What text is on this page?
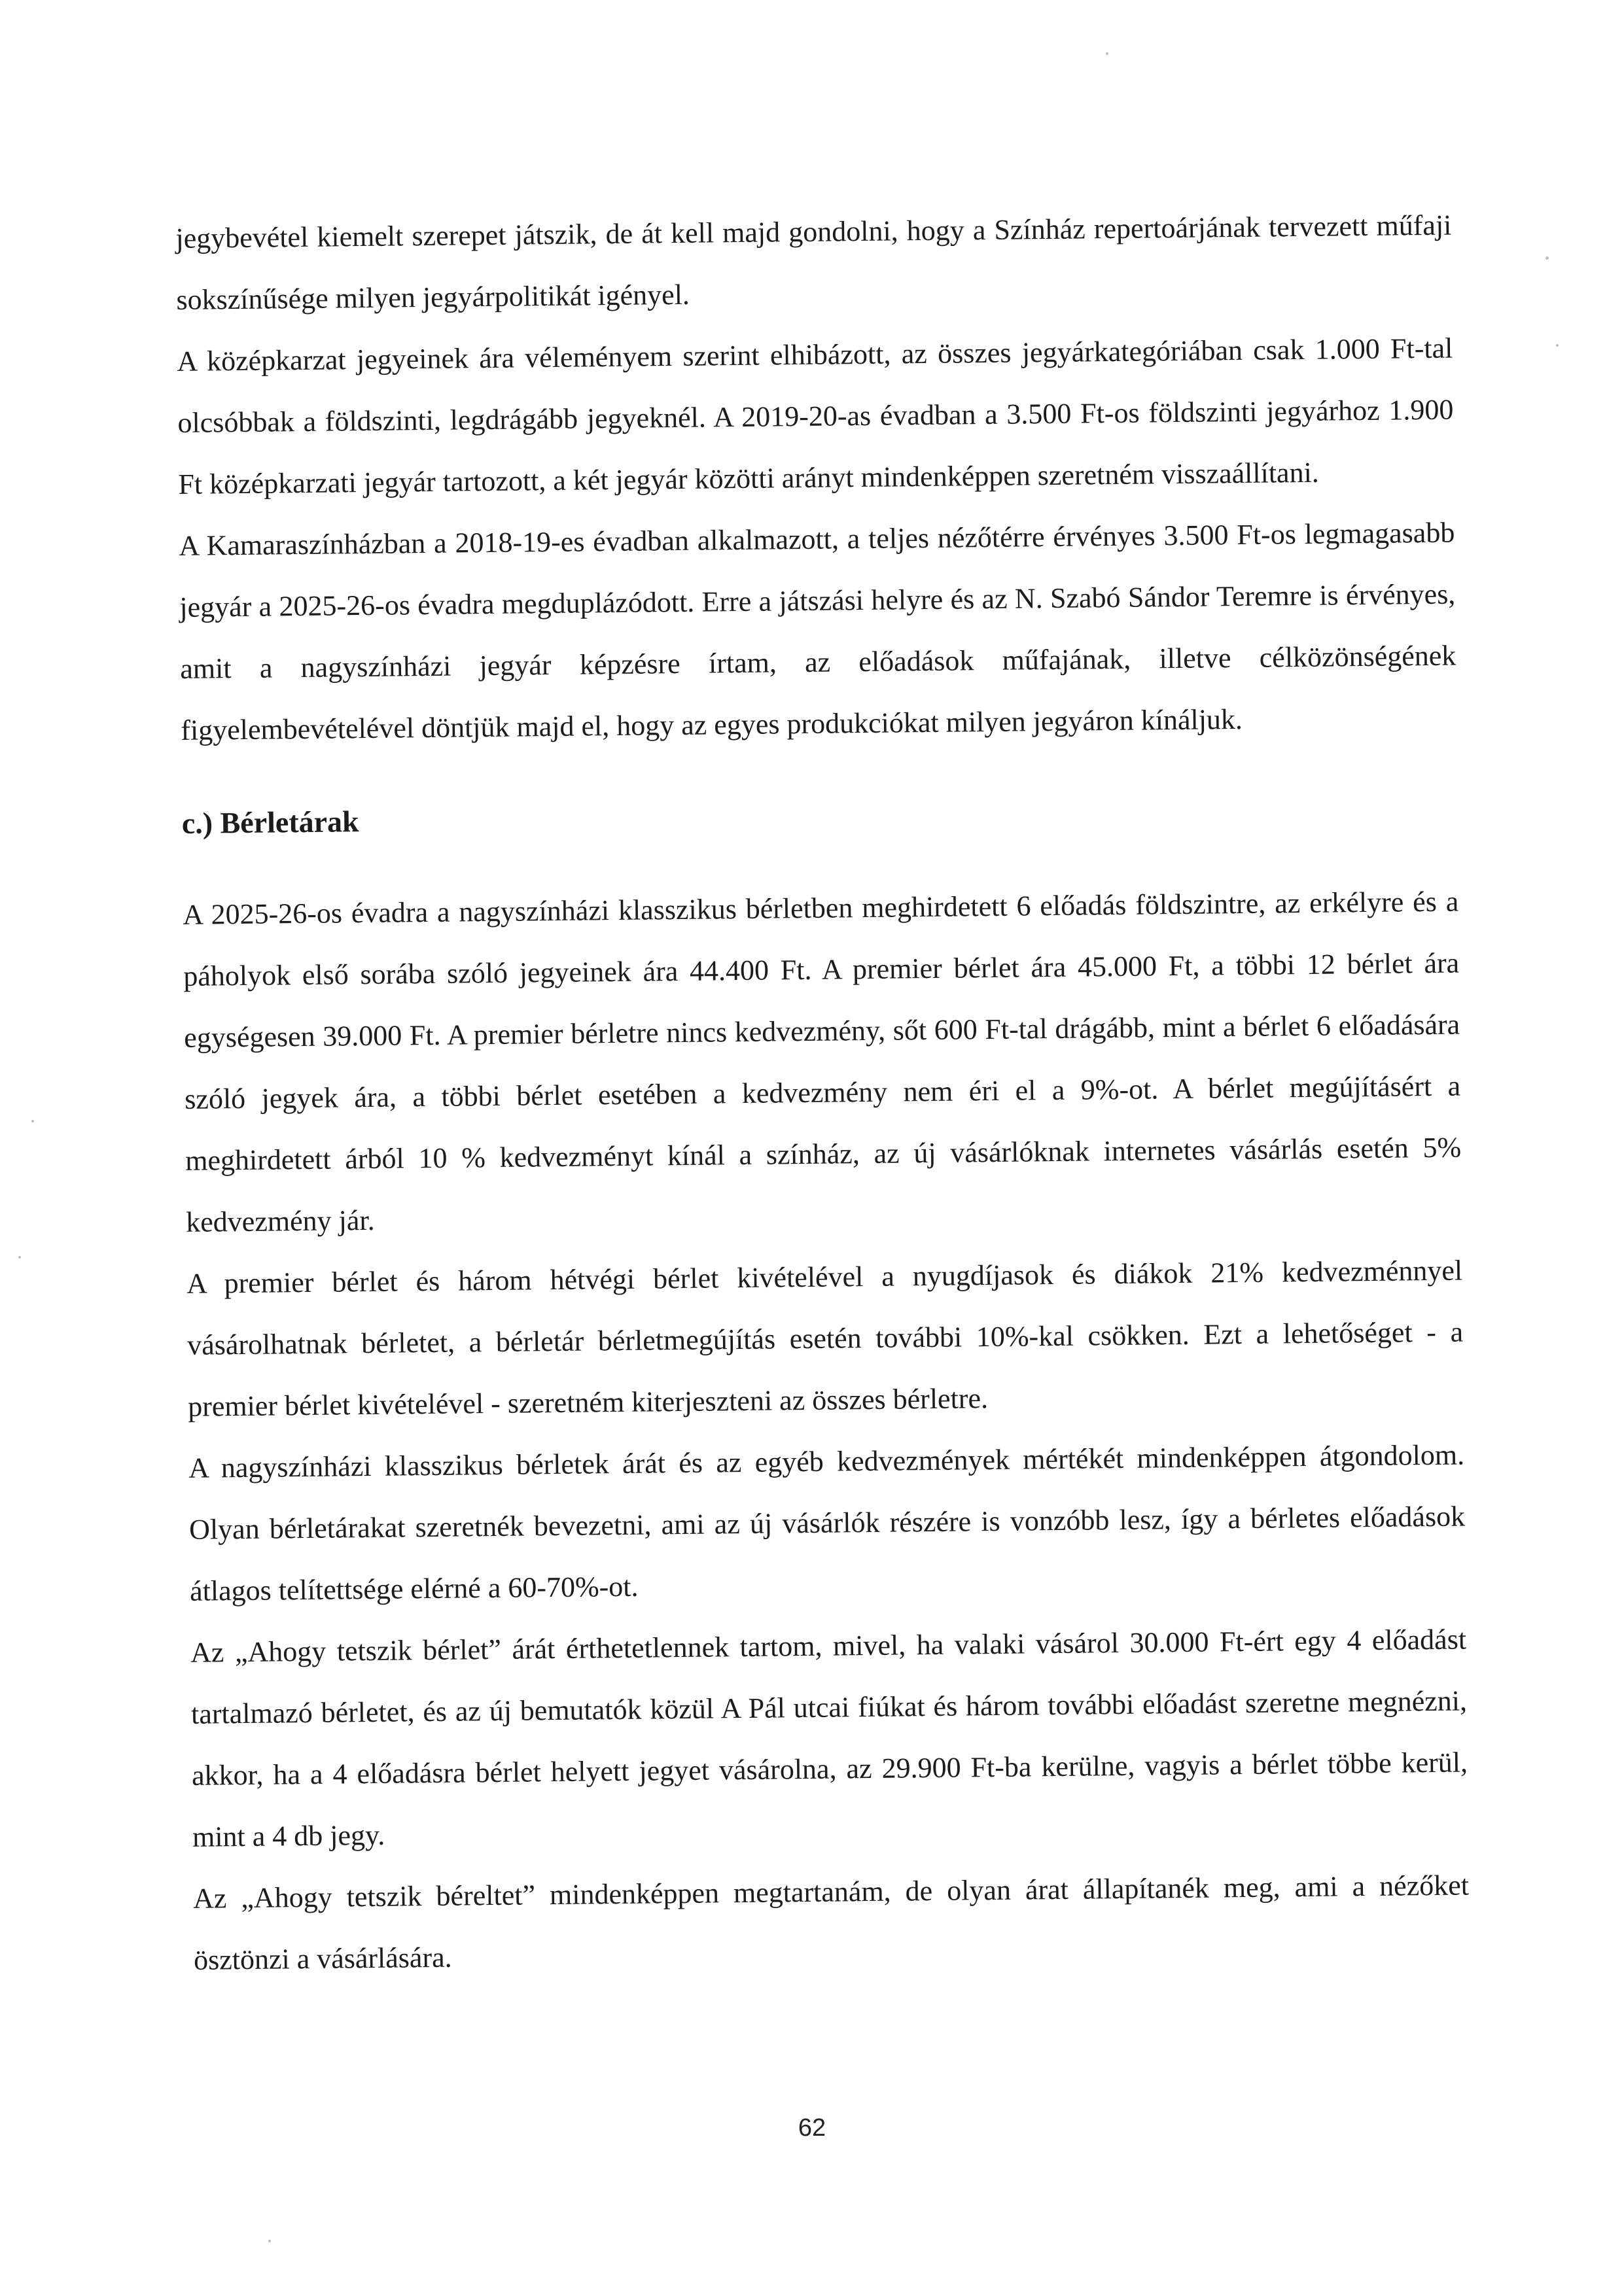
jegybevétel kiemelt szerepet játszik, de át kell majd gondolni, hogy a Színház repertoárjának tervezett műfaji sokszínűsége milyen jegyárpolitikát igényel.

A középkarzat jegyeinek ára véleményem szerint elhibázott, az összes jegyárkategóriában csak 1.000 Ft-tal olcsóbbak a földszinti, legdrágább jegyeknél. A 2019-20-as évadban a 3.500 Ft-os földszinti jegyárhoz 1.900 Ft középkarzati jegyár tartozott, a két jegyár közötti arányt mindenképpen szeretném visszaállítani.

A Kamaraszínházban a 2018-19-es évadban alkalmazott, a teljes nézőtérre érvényes 3.500 Ft-os legmagasabb jegyár a 2025-26-os évadra megduplázódott. Erre a játszási helyre és az N. Szabó Sándor Teremre is érvényes, amit a nagyszínházi jegyár képzésre írtam, az előadások műfajának, illetve célközönségének figyelembevételével döntjük majd el, hogy az egyes produkciókat milyen jegyáron kínáljuk.

c.) Bérletárak

A 2025-26-os évadra a nagyszínházi klasszikus bérletben meghirdetett 6 előadás földszintre, az erkélyre és a páholyok első sorába szóló jegyeinek ára 44.400 Ft. A premier bérlet ára 45.000 Ft, a többi 12 bérlet ára egységesen 39.000 Ft. A premier bérletre nincs kedvezmény, sőt 600 Ft-tal drágább, mint a bérlet 6 előadására szóló jegyek ára, a többi bérlet esetében a kedvezmény nem éri el a 9%-ot. A bérlet megújításért a meghirdetett árból 10 % kedvezményt kínál a színház, az új vásárlóknak internetes vásárlás esetén 5% kedvezmény jár.

A premier bérlet és három hétvégi bérlet kivételével a nyugdíjasok és diákok 21% kedvezménnyel vásárolhatnak bérletet, a bérletár bérletmegújítás esetén további 10%-kal csökken. Ezt a lehetőséget - a premier bérlet kivételével - szeretném kiterjeszteni az összes bérletre.

A nagyszínházi klasszikus bérletek árát és az egyéb kedvezmények mértékét mindenképpen átgondolom. Olyan bérletárakat szeretnék bevezetni, ami az új vásárlók részére is vonzóbb lesz, így a bérletes előadások átlagos telítettsége elérné a 60-70%-ot.

Az „Ahogy tetszik bérlet” árát érthetetlennek tartom, mivel, ha valaki vásárol 30.000 Ft-ért egy 4 előadást tartalmazó bérletet, és az új bemutatók közül A Pál utcai fiúkat és három további előadást szeretne megnézni, akkor, ha a 4 előadásra bérlet helyett jegyet vásárolna, az 29.900 Ft-ba kerülne, vagyis a bérlet többe kerül, mint a 4 db jegy.

Az „Ahogy tetszik béreltet” mindenképpen megtartanám, de olyan árat állapítanék meg, ami a nézőket ösztönzi a vásárlására.

62
